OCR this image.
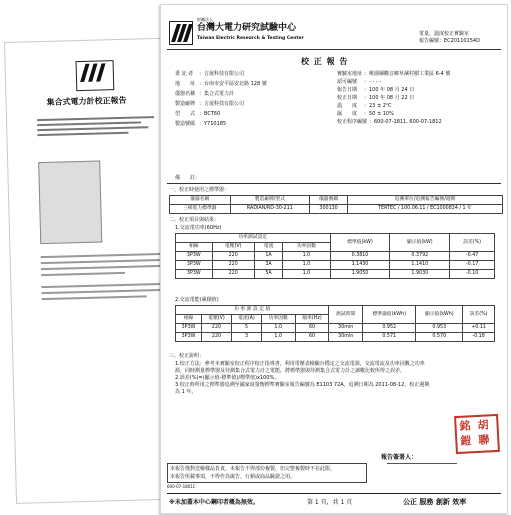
集合式電力計校正報告
財團法人
台灣大電力研究試驗中心
Taiwan Electric Research & Testing Center
電量、溫度校正實驗室
報告編號：EC20110154D
校 正 報 告
委 託 者 ：吉晟科技有限公司
地　　址 ：台南市安平區安北路 128 號
儀器名稱 ：集合式電力計
製造廠牌 ：吉晟科技有限公司
型　　式 ：BCT60
製造號碼 ：Y710185
實驗室地址 ：桃園縣觀音鄉草漯村樹工業區 6-4 號
認可編號 ：- - - -
報告日期 ：100 年 08 月 24 日
校正日期 ：100 年 08 月 22 日
溫　　度 ：23 ± 2℃
濕　　度 ：50 ± 10%
校正程序編號 ：600-07-1811, 600-07-1812
備　　註：
一、校正時使用之標準器：
儀器名稱	製造廠牌/型式	儀器號碼	追溯單位/追溯報告編號/週期
三相電力標準器	RADIAN/RD-30-211	300130	TERTEC / 100.06.11 / EC1000834 / 1 年
二、校正項目與結果：
1.交流電功率(60Hz)
功率測試設定				標準值(kW)	顯示值(kW)	誤差(%)
相線	電壓(V)	電流	功率因數			
3P3W	220	1A	1.0	0.3810	0.3792	-0.47
3P3W	220	3A	1.0	1.1430	1.1410	-0.17
3P3W	220	5A	1.0	1.9050	1.9030	-0.10
2.交流電能(累積值)
功 率 源 設 定 值					測試時間	標準器值(kWh)	顯示值(kWh)	誤差(%)
相線	電壓(V)	電流(A)	功率因數	頻率(Hz)				
3P3W	220	5	1.0	60	30min	0.952	0.953	+0.11
3P3W	220	3	1.0	60	30min	0.571	0.570	-0.18
三、校正說明：
1.校正方法：參考本實驗室校正程序校正指導書，利用電壓表檢驗台穩定之交流電源，交流電流及功率因數之功率
源，同時測量標準器及待測集合式電力計之電能，將標準器與待測集合式電力計之讀數比較所得之誤差，
2.誤差(%)=(顯示值-標準值)/標準值)x100%。
3.校正時所用之標準器追溯至國家度量衡標準實驗室報告編號為 E1103 72A，追溯日期為 2011-08-12，校正週期
為 1 年。
報告簽署人：
銘 胡
鎧 聯
本報告僅對送檢樣品負責，未報告不得部份複製，但完整複製時不在此限。
本報告所載事項，不得作為廣告、行銷或商品驗證之用。
600-07-1801C
※未加蓋本中心鋼印者概為無效。	第 1 頁，共 1 頁	公正 服務 創新 效率
